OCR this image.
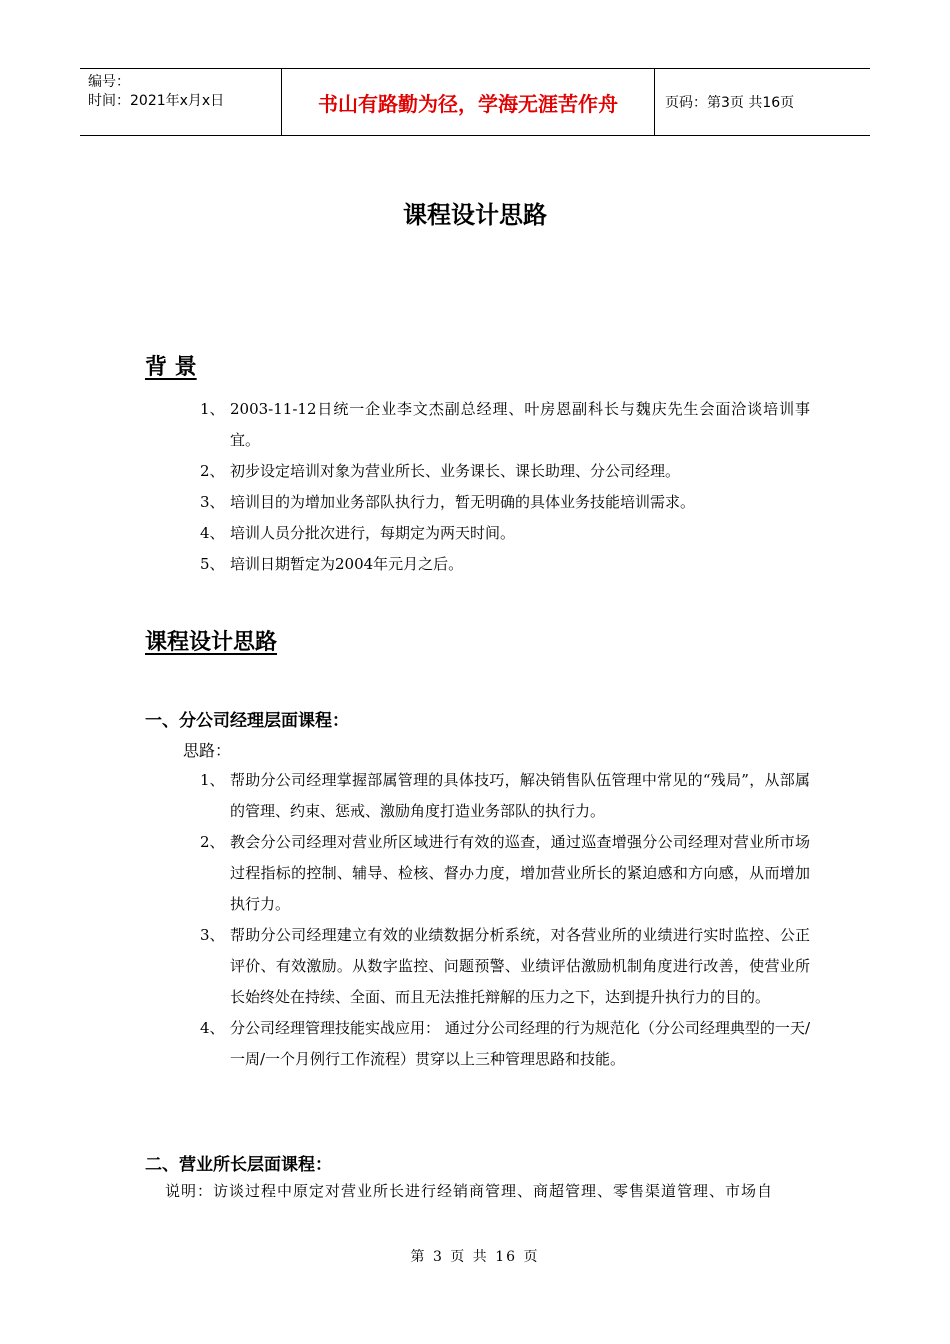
编号：
时间：2021年x月x日	书山有路勤为径，学海无涯苦作舟	页码：第3页 共16页
课程设计思路
背 景
1、 2003-11-12日统一企业李文杰副总经理、叶房恩副科长与魏庆先生会面洽谈培训事宜。
2、 初步设定培训对象为营业所长、业务课长、课长助理、分公司经理。
3、 培训目的为增加业务部队执行力，暂无明确的具体业务技能培训需求。
4、 培训人员分批次进行，每期定为两天时间。
5、 培训日期暂定为2004年元月之后。
课程设计思路
一、分公司经理层面课程：
思路：
1、 帮助分公司经理掌握部属管理的具体技巧，解决销售队伍管理中常见的“残局”，从部属的管理、约束、惩戒、激励角度打造业务部队的执行力。
2、 教会分公司经理对营业所区域进行有效的巡查，通过巡查增强分公司经理对营业所市场过程指标的控制、辅导、检核、督办力度，增加营业所长的紧迫感和方向感，从而增加执行力。
3、 帮助分公司经理建立有效的业绩数据分析系统，对各营业所的业绩进行实时监控、公正评价、有效激励。从数字监控、问题预警、业绩评估激励机制角度进行改善，使营业所长始终处在持续、全面、而且无法推托辩解的压力之下，达到提升执行力的目的。
4、 分公司经理管理技能实战应用： 通过分公司经理的行为规范化（分公司经理典型的一天/一周/一个月例行工作流程）贯穿以上三种管理思路和技能。
二、营业所长层面课程：
说明：访谈过程中原定对营业所长进行经销商管理、商超管理、零售渠道管理、市场自
第 3 页 共 16 页
